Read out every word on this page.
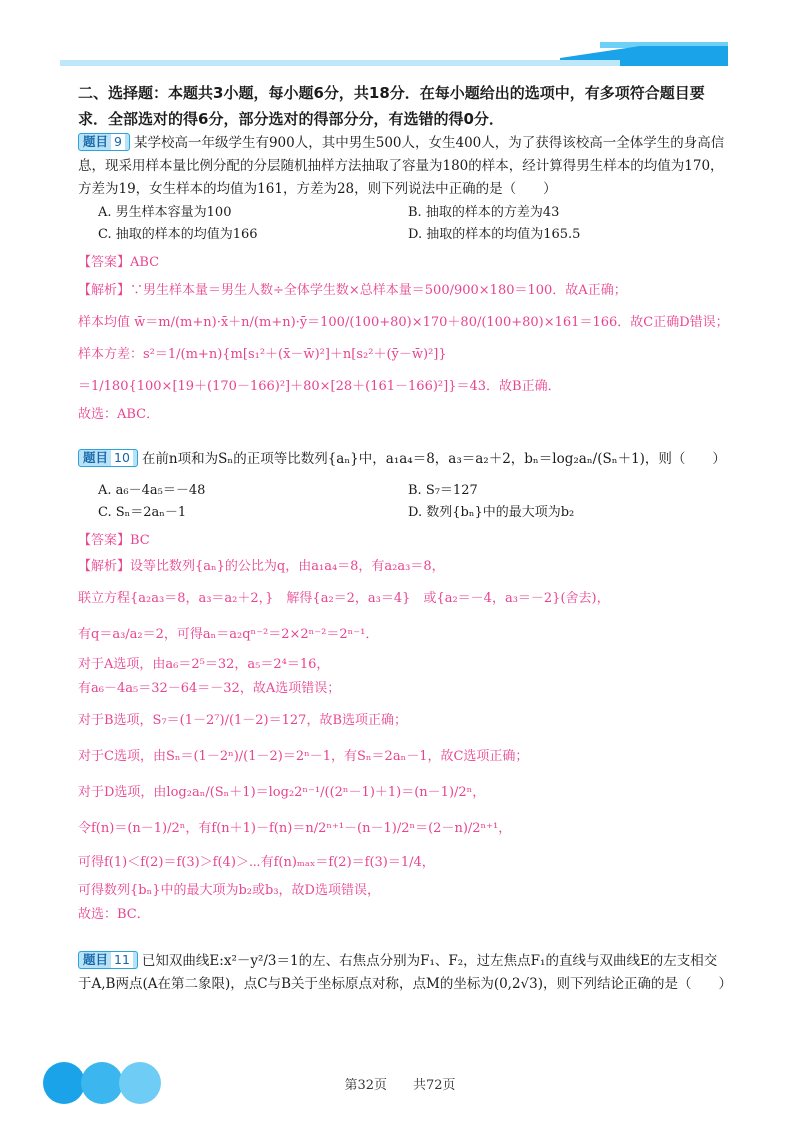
二、选择题：本题共3小题，每小题6分，共18分．在每小题给出的选项中，有多项符合题目要求．全部选对的得6分，部分选对的得部分分，有选错的得0分．
题目 9 某学校高一年级学生有900人，其中男生500人，女生400人，为了获得该校高一全体学生的身高信息，现采用样本量比例分配的分层随机抽样方法抽取了容量为180的样本，经计算得男生样本的均值为170，方差为19，女生样本的均值为161，方差为28，则下列说法中正确的是（　　）
A. 男生样本容量为100	B. 抽取的样本的方差为43
C. 抽取的样本的均值为166	D. 抽取的样本的均值为165.5
【答案】ABC
【解析】∵男生样本量＝男生人数÷全体学生数×总样本量＝500/900×180＝100．故A正确；
样本均值 w̄＝m/(m+n)·x̄＋n/(m+n)·ȳ＝100/(100+80)×170＋80/(100+80)×161＝166．故C正确D错误；
样本方差：s²＝1/(m+n){m[s₁²＋(x̄－w̄)²]＋n[s₂²＋(ȳ－w̄)²]}
＝1/180{100×[19＋(170－166)²]＋80×[28＋(161－166)²]}＝43．故B正确．
故选：ABC．
题目 10 在前n项和为Sₙ的正项等比数列{aₙ}中，a₁a₄＝8，a₃＝a₂＋2，bₙ＝log₂aₙ/(Sₙ＋1)，则（　　）
A. a₆－4a₅＝－48	B. S₇＝127
C. Sₙ＝2aₙ－1	D. 数列{bₙ}中的最大项为b₂
【答案】BC
【解析】设等比数列{aₙ}的公比为q，由a₁a₄＝8，有a₂a₃＝8，
联立方程{a₂a₃＝8，a₃＝a₂＋2，}　解得{a₂＝2，a₃＝4}　或{a₂＝－4，a₃＝－2}(舍去)，
有q＝a₃/a₂＝2，可得aₙ＝a₂qⁿ⁻²＝2×2ⁿ⁻²＝2ⁿ⁻¹．
对于A选项，由a₆＝2⁵＝32，a₅＝2⁴＝16，
有a₆－4a₅＝32－64＝－32，故A选项错误；
对于B选项，S₇＝(1－2⁷)/(1－2)＝127，故B选项正确；
对于C选项，由Sₙ＝(1－2ⁿ)/(1－2)＝2ⁿ－1，有Sₙ＝2aₙ－1，故C选项正确；
对于D选项，由log₂aₙ/(Sₙ＋1)＝log₂2ⁿ⁻¹/((2ⁿ－1)＋1)＝(n－1)/2ⁿ，
令f(n)＝(n－1)/2ⁿ，有f(n＋1)－f(n)＝n/2ⁿ⁺¹－(n－1)/2ⁿ＝(2－n)/2ⁿ⁺¹，
可得f(1)＜f(2)＝f(3)＞f(4)＞⋯有f(n)ₘₐₓ＝f(2)＝f(3)＝1/4，
可得数列{bₙ}中的最大项为b₂或b₃，故D选项错误，
故选：BC．
题目 11 已知双曲线E:x²－y²/3＝1的左、右焦点分别为F₁、F₂，过左焦点F₁的直线与双曲线E的左支相交于A,B两点(A在第二象限)，点C与B关于坐标原点对称，点M的坐标为(0,2√3)，则下列结论正确的是（　　）
第32页　　共72页
